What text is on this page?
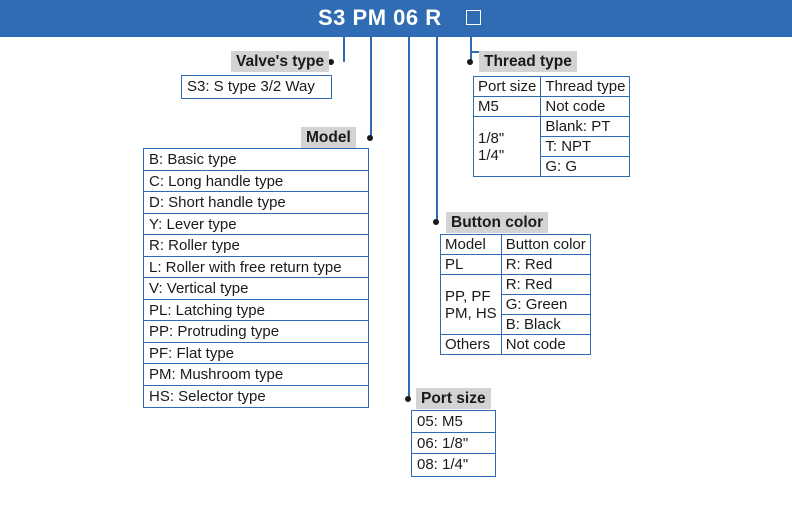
S3 PM 06 R
Valve's type
S3: S type 3/2 Way
Model
B: Basic type
C: Long handle type
D: Short handle type
Y: Lever type
R: Roller type
L: Roller with free return type
V: Vertical type
PL: Latching type
PP: Protruding type
PF: Flat type
PM: Mushroom type
HS: Selector type	Port size
05: M5
06: 1/8"
08: 1/4"
Thread type
Port size	Thread type
M5	Not code
1/8"
1/4"	Blank: PT
	T: NPT
	G: G
Button color
Model	Button color
PL	R: Red
PP, PF
PM, HS	R: Red
	G: Green
	B: Black
Others	Not code
